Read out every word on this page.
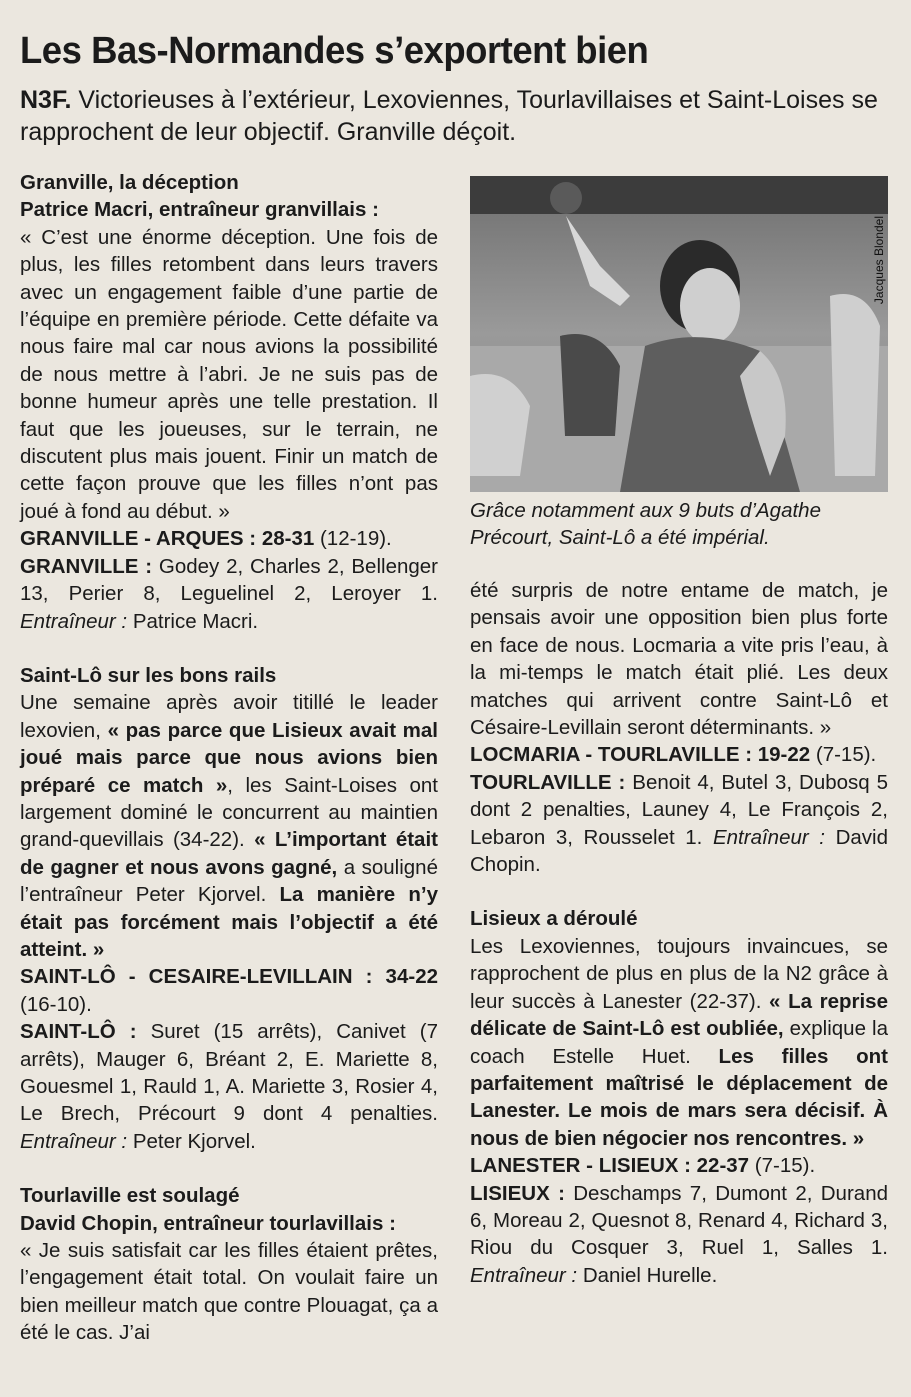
Les Bas-Normandes s’exportent bien

N3F. Victorieuses à l’extérieur, Lexoviennes, Tourlavillaises et Saint-Loises se rapprochent de leur objectif. Granville déçoit.

Granville, la déception

Patrice Macri, entraîneur granvillais :

« C’est une énorme déception. Une fois de plus, les filles retombent dans leurs travers avec un engagement faible d’une partie de l’équipe en première période. Cette défaite va nous faire mal car nous avions la possibilité de nous mettre à l’abri. Je ne suis pas de bonne humeur après une telle prestation. Il faut que les joueuses, sur le terrain, ne discutent plus mais jouent. Finir un match de cette façon prouve que les filles n’ont pas joué à fond au début. »

GRANVILLE - ARQUES : 28-31 (12-19).

GRANVILLE : Godey 2, Charles 2, Bellenger 13, Perier 8, Leguelinel 2, Leroyer 1. Entraîneur : Patrice Macri.

Saint-Lô sur les bons rails

Une semaine après avoir titillé le leader lexovien, « pas parce que Lisieux avait mal joué mais parce que nous avions bien préparé ce match », les Saint-Loises ont largement dominé le concurrent au maintien grand-quevillais (34-22). « L’important était de gagner et nous avons gagné, a souligné l’entraîneur Peter Kjorvel. La manière n’y était pas forcément mais l’objectif a été atteint. »

SAINT-LÔ - CESAIRE-LEVILLAIN : 34-22 (16-10).

SAINT-LÔ : Suret (15 arrêts), Canivet (7 arrêts), Mauger 6, Bréant 2, E. Mariette 8, Gouesmel 1, Rauld 1, A. Mariette 3, Rosier 4, Le Brech, Précourt 9 dont 4 penalties. Entraîneur : Peter Kjorvel.

Tourlaville est soulagé

David Chopin, entraîneur tourlavillais :

« Je suis satisfait car les filles étaient prêtes, l’engagement était total. On voulait faire un bien meilleur match que contre Plouagat, ça a été le cas. J’ai

Jacques Blondel
Grâce notamment aux 9 buts d’Agathe Précourt, Saint-Lô a été impérial.

été surpris de notre entame de match, je pensais avoir une opposition bien plus forte en face de nous. Locmaria a vite pris l’eau, à la mi-temps le match était plié. Les deux matches qui arrivent contre Saint-Lô et Césaire-Levillain seront déterminants. »

LOCMARIA - TOURLAVILLE : 19-22 (7-15).

TOURLAVILLE : Benoit 4, Butel 3, Dubosq 5 dont 2 penalties, Launey 4, Le François 2, Lebaron 3, Rousselet 1. Entraîneur : David Chopin.

Lisieux a déroulé

Les Lexoviennes, toujours invaincues, se rapprochent de plus en plus de la N2 grâce à leur succès à Lanester (22-37). « La reprise délicate de Saint-Lô est oubliée, explique la coach Estelle Huet. Les filles ont parfaitement maîtrisé le déplacement de Lanester. Le mois de mars sera décisif. À nous de bien négocier nos rencontres. »

LANESTER - LISIEUX : 22-37 (7-15).

LISIEUX : Deschamps 7, Dumont 2, Durand 6, Moreau 2, Quesnot 8, Renard 4, Richard 3, Riou du Cosquer 3, Ruel 1, Salles 1. Entraîneur : Daniel Hurelle.
